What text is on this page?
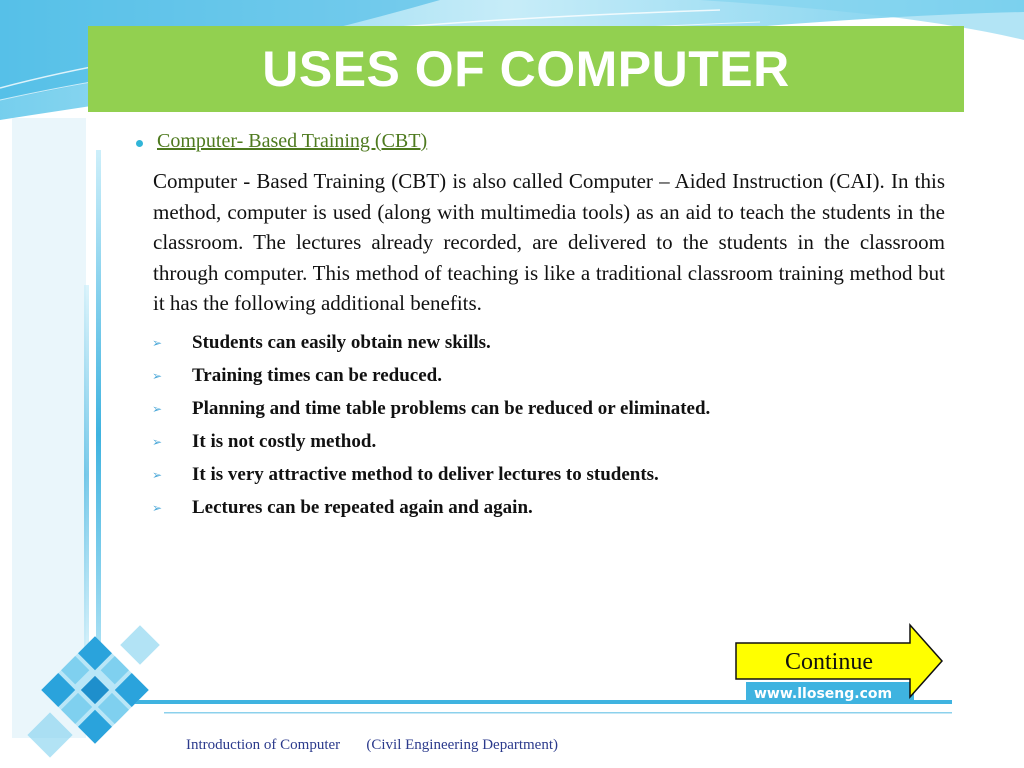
USES OF COMPUTER
Computer- Based Training (CBT)

Computer - Based Training (CBT) is also called Computer – Aided Instruction (CAI). In this method, computer is used (along with multimedia tools) as an aid to teach the students in the classroom. The lectures already recorded, are delivered to the students in the classroom through computer. This method of teaching is like a traditional classroom training method but it has the following additional benefits.

➢ Students can easily obtain new skills.
➢ Training times can be reduced.
➢ Planning and time table problems can be reduced or eliminated.
➢ It is not costly method.
➢ It is very attractive method to deliver lectures to students.
➢ Lectures can be repeated again and again.
Continue
www.lloseng.com
Introduction of Computer       (Civil Engineering Department)
